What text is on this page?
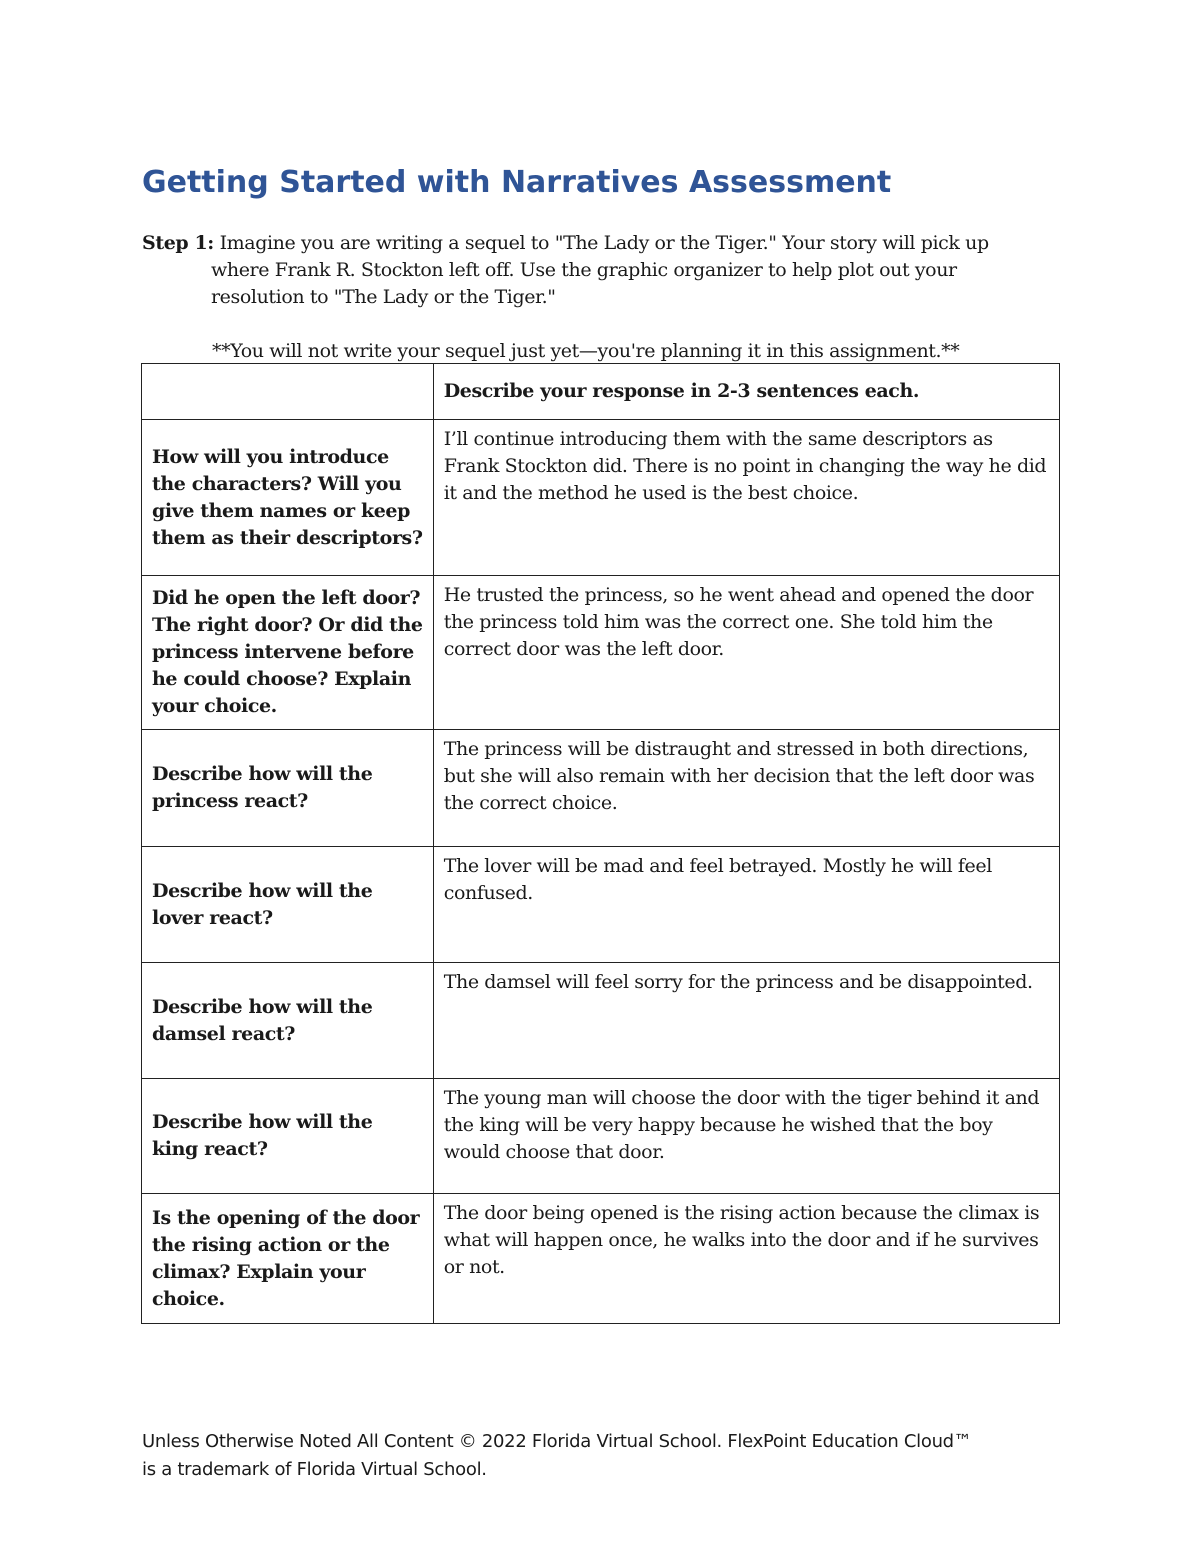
Getting Started with Narratives Assessment
Step 1: Imagine you are writing a sequel to "The Lady or the Tiger." Your story will pick up
where Frank R. Stockton left off. Use the graphic organizer to help plot out your
resolution to "The Lady or the Tiger."
**You will not write your sequel just yet—you're planning it in this assignment.**
	Describe your response in 2-3 sentences each.
How will you introduce the characters? Will you give them names or keep them as their descriptors?	I’ll continue introducing them with the same descriptors as Frank Stockton did. There is no point in changing the way he did it and the method he used is the best choice.
Did he open the left door? The right door? Or did the princess intervene before he could choose? Explain your choice.	He trusted the princess, so he went ahead and opened the door the princess told him was the correct one. She told him the correct door was the left door.
Describe how will the princess react?	The princess will be distraught and stressed in both directions, but she will also remain with her decision that the left door was the correct choice.
Describe how will the lover react?	The lover will be mad and feel betrayed. Mostly he will feel confused.
Describe how will the damsel react?	The damsel will feel sorry for the princess and be disappointed.
Describe how will the king react?	The young man will choose the door with the tiger behind it and the king will be very happy because he wished that the boy would choose that door.
Is the opening of the door the rising action or the climax? Explain your choice.	The door being opened is the rising action because the climax is what will happen once, he walks into the door and if he survives or not.
Unless Otherwise Noted All Content © 2022 Florida Virtual School. FlexPoint Education Cloud™
is a trademark of Florida Virtual School.
